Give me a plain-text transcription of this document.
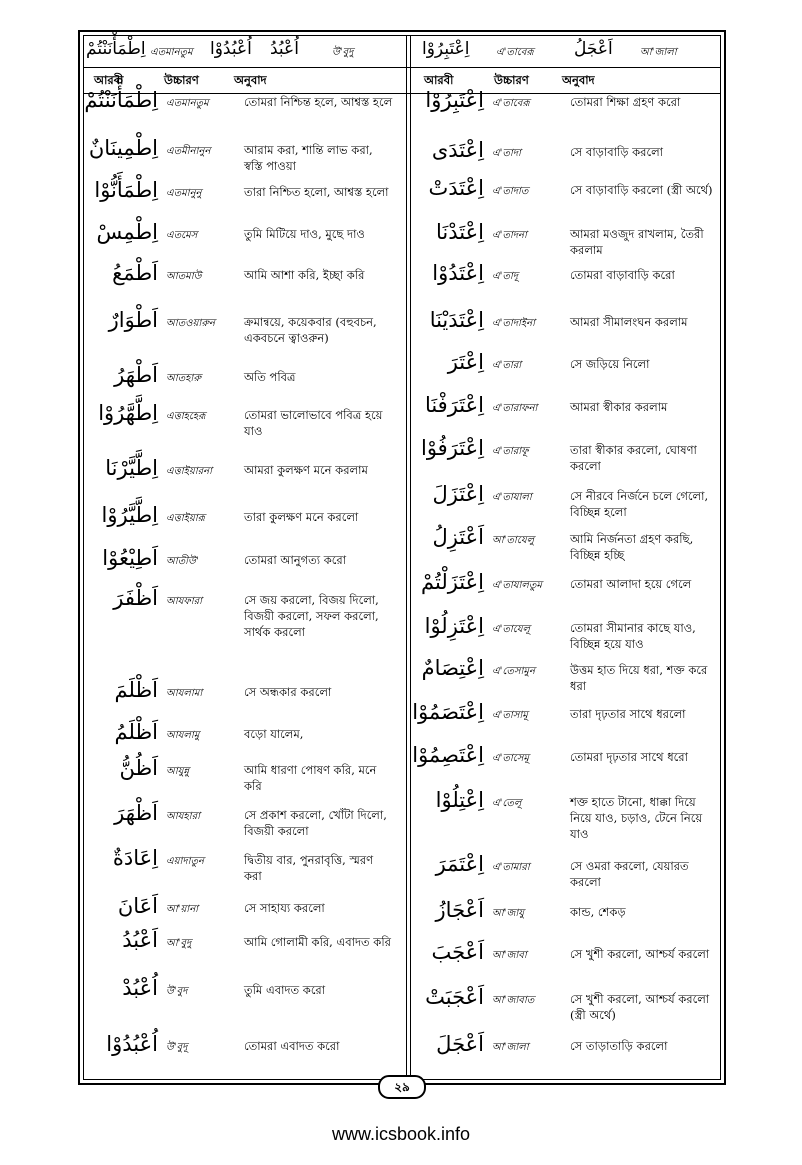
اِطْمَأْنَنْتُمْ এতমানতুম اُعْبُدُوْا اُعْبُدُ	উ'বুদু	اِعْتَبِرُوْا	এ'তাবেরূ اَعْجَلُ	আ'জালা
আরবী	উচ্চারণ	অনুবাদ	আরবী	উচ্চারণ	অনুবাদ
اِطْمَأْنَنْتُمْ এতমানতুম	তোমরা নিশ্চিন্ত হলে, আশ্বস্ত হলে
اِطْمِينَانٌ এতমীনানুন	আরাম করা, শান্তি লাভ করা, স্বস্তি পাওয়া
اِطْمَأَنُّوْا এতমানুনু	তারা নিশ্চিত হলো, আশ্বস্ত হলো
اِطْمِسْ এতমেস	তুমি মিটিয়ে দাও, মুছে দাও
اَطْمَعُ আতমাউ	আমি আশা করি, ইচ্ছা করি
اَطْوَارٌ আতওয়ারুন	ক্রমান্বয়ে, কয়েকবার (বহুবচন, একবচনে ত্বাওরুন)
اَطْهَرُ আতহারু	অতি পবিত্র
اِطَّهَّرُوْا এত্তাহহেরূ	তোমরা ভালোভাবে পবিত্র হয়ে যাও
اِطَّيَّرْنَا এত্তাইয়ারনা	আমরা কুলক্ষণ মনে করলাম
اِطَّيَّرُوْا এত্তাইয়ারূ	তারা কুলক্ষণ মনে করলো
اَطِيْعُوْا আতীউ'	তোমরা আনুগত্য করো
اَظْفَرَ আযফারা	সে জয় করলো, বিজয় দিলো, বিজয়ী করলো, সফল করলো, সার্থক করলো
اَظْلَمَ আযলামা	সে অন্ধকার করলো
اَظْلَمُ আযলামু	বড়ো যালেম,
اَظُنُّ আযুন্নু	আমি ধারণা পোষণ করি, মনে করি
اَظْهَرَ আযহারা	সে প্রকাশ করলো, খোঁটা দিলো, বিজয়ী করলো
اِعَادَةٌ এয়াদাতুন	দ্বিতীয় বার, পুনরাবৃত্তি, স্মরণ করা
اَعَانَ আ'য়ানা	সে সাহায্য করলো
اَعْبُدُ আ'বুদু	আমি গোলামী করি, এবাদত করি
اُعْبُدْ উ'বুদ	তুমি এবাদত করো
اُعْبُدُوْا উ'বুদূ	তোমরা এবাদত করো
اِعْتَبِرُوْا এ'তাবেরূ	তোমরা শিক্ষা গ্রহণ করো
اِعْتَدَى এ'তাদা	সে বাড়াবাড়ি করলো
اِعْتَدَتْ এ'তাদাত	সে বাড়াবাড়ি করলো (স্ত্রী অর্থে)
اِعْتَدْنَا এ'তাদনা	আমরা মওজুদ রাখলাম, তৈরী করলাম
اِعْتَدُوْا এ'তাদূ	তোমরা বাড়াবাড়ি করো
اِعْتَدَيْنَا এ'তাদাইনা	আমরা সীমালংঘন করলাম
اِعْتَرَ এ'তারা	সে জড়িয়ে নিলো
اِعْتَرَفْنَا এ'তারাফনা	আমরা স্বীকার করলাম
اِعْتَرَفُوْا এ'তারাফূ	তারা স্বীকার করলো, ঘোষণা করলো
اِعْتَزَلَ এ'তাযালা	সে নীরবে নির্জনে চলে গেলো, বিচ্ছিন্ন হলো
اَعْتَزِلُ আ'তাযেলু	আমি নির্জনতা গ্রহণ করছি, বিচ্ছিন্ন হচ্ছি
اِعْتَزَلْتُمْ এ'তাযালতুম তোমরা আলাদা হয়ে গেলে
اِعْتَزِلُوْا এ'তাযেলূ	তোমরা সীমানার কাছে যাও, বিচ্ছিন্ন হয়ে যাও
اِعْتِصَامٌ এ'তেসামুন	উত্তম হাত দিয়ে ধরা, শক্ত করে ধরা
اِعْتَصَمُوْا এ'তাসামূ	তারা দৃঢ়তার সাথে ধরলো
اِعْتَصِمُوْا এ'তাসেমূ	তোমরা দৃঢ়তার সাথে ধরো
اِعْتِلُوْا এ'তেলূ	শক্ত হাতে টানো, ধাক্কা দিয়ে নিয়ে যাও, চড়াও, টেনে নিয়ে যাও
اِعْتَمَرَ এ'তামারা	সে ওমরা করলো, যেয়ারত করলো
اَعْجَازُ আ'জাযু	কান্ড, শেকড়
اَعْجَبَ আ'জাবা	সে খুশী করলো, আশ্চর্য করলো
اَعْجَبَتْ আ'জাবাত	সে খুশী করলো, আশ্চর্য করলো (স্ত্রী অর্থে)
اَعْجَلَ আ'জালা	সে তাড়াতাড়ি করলো
২৯
www.icsbook.info
